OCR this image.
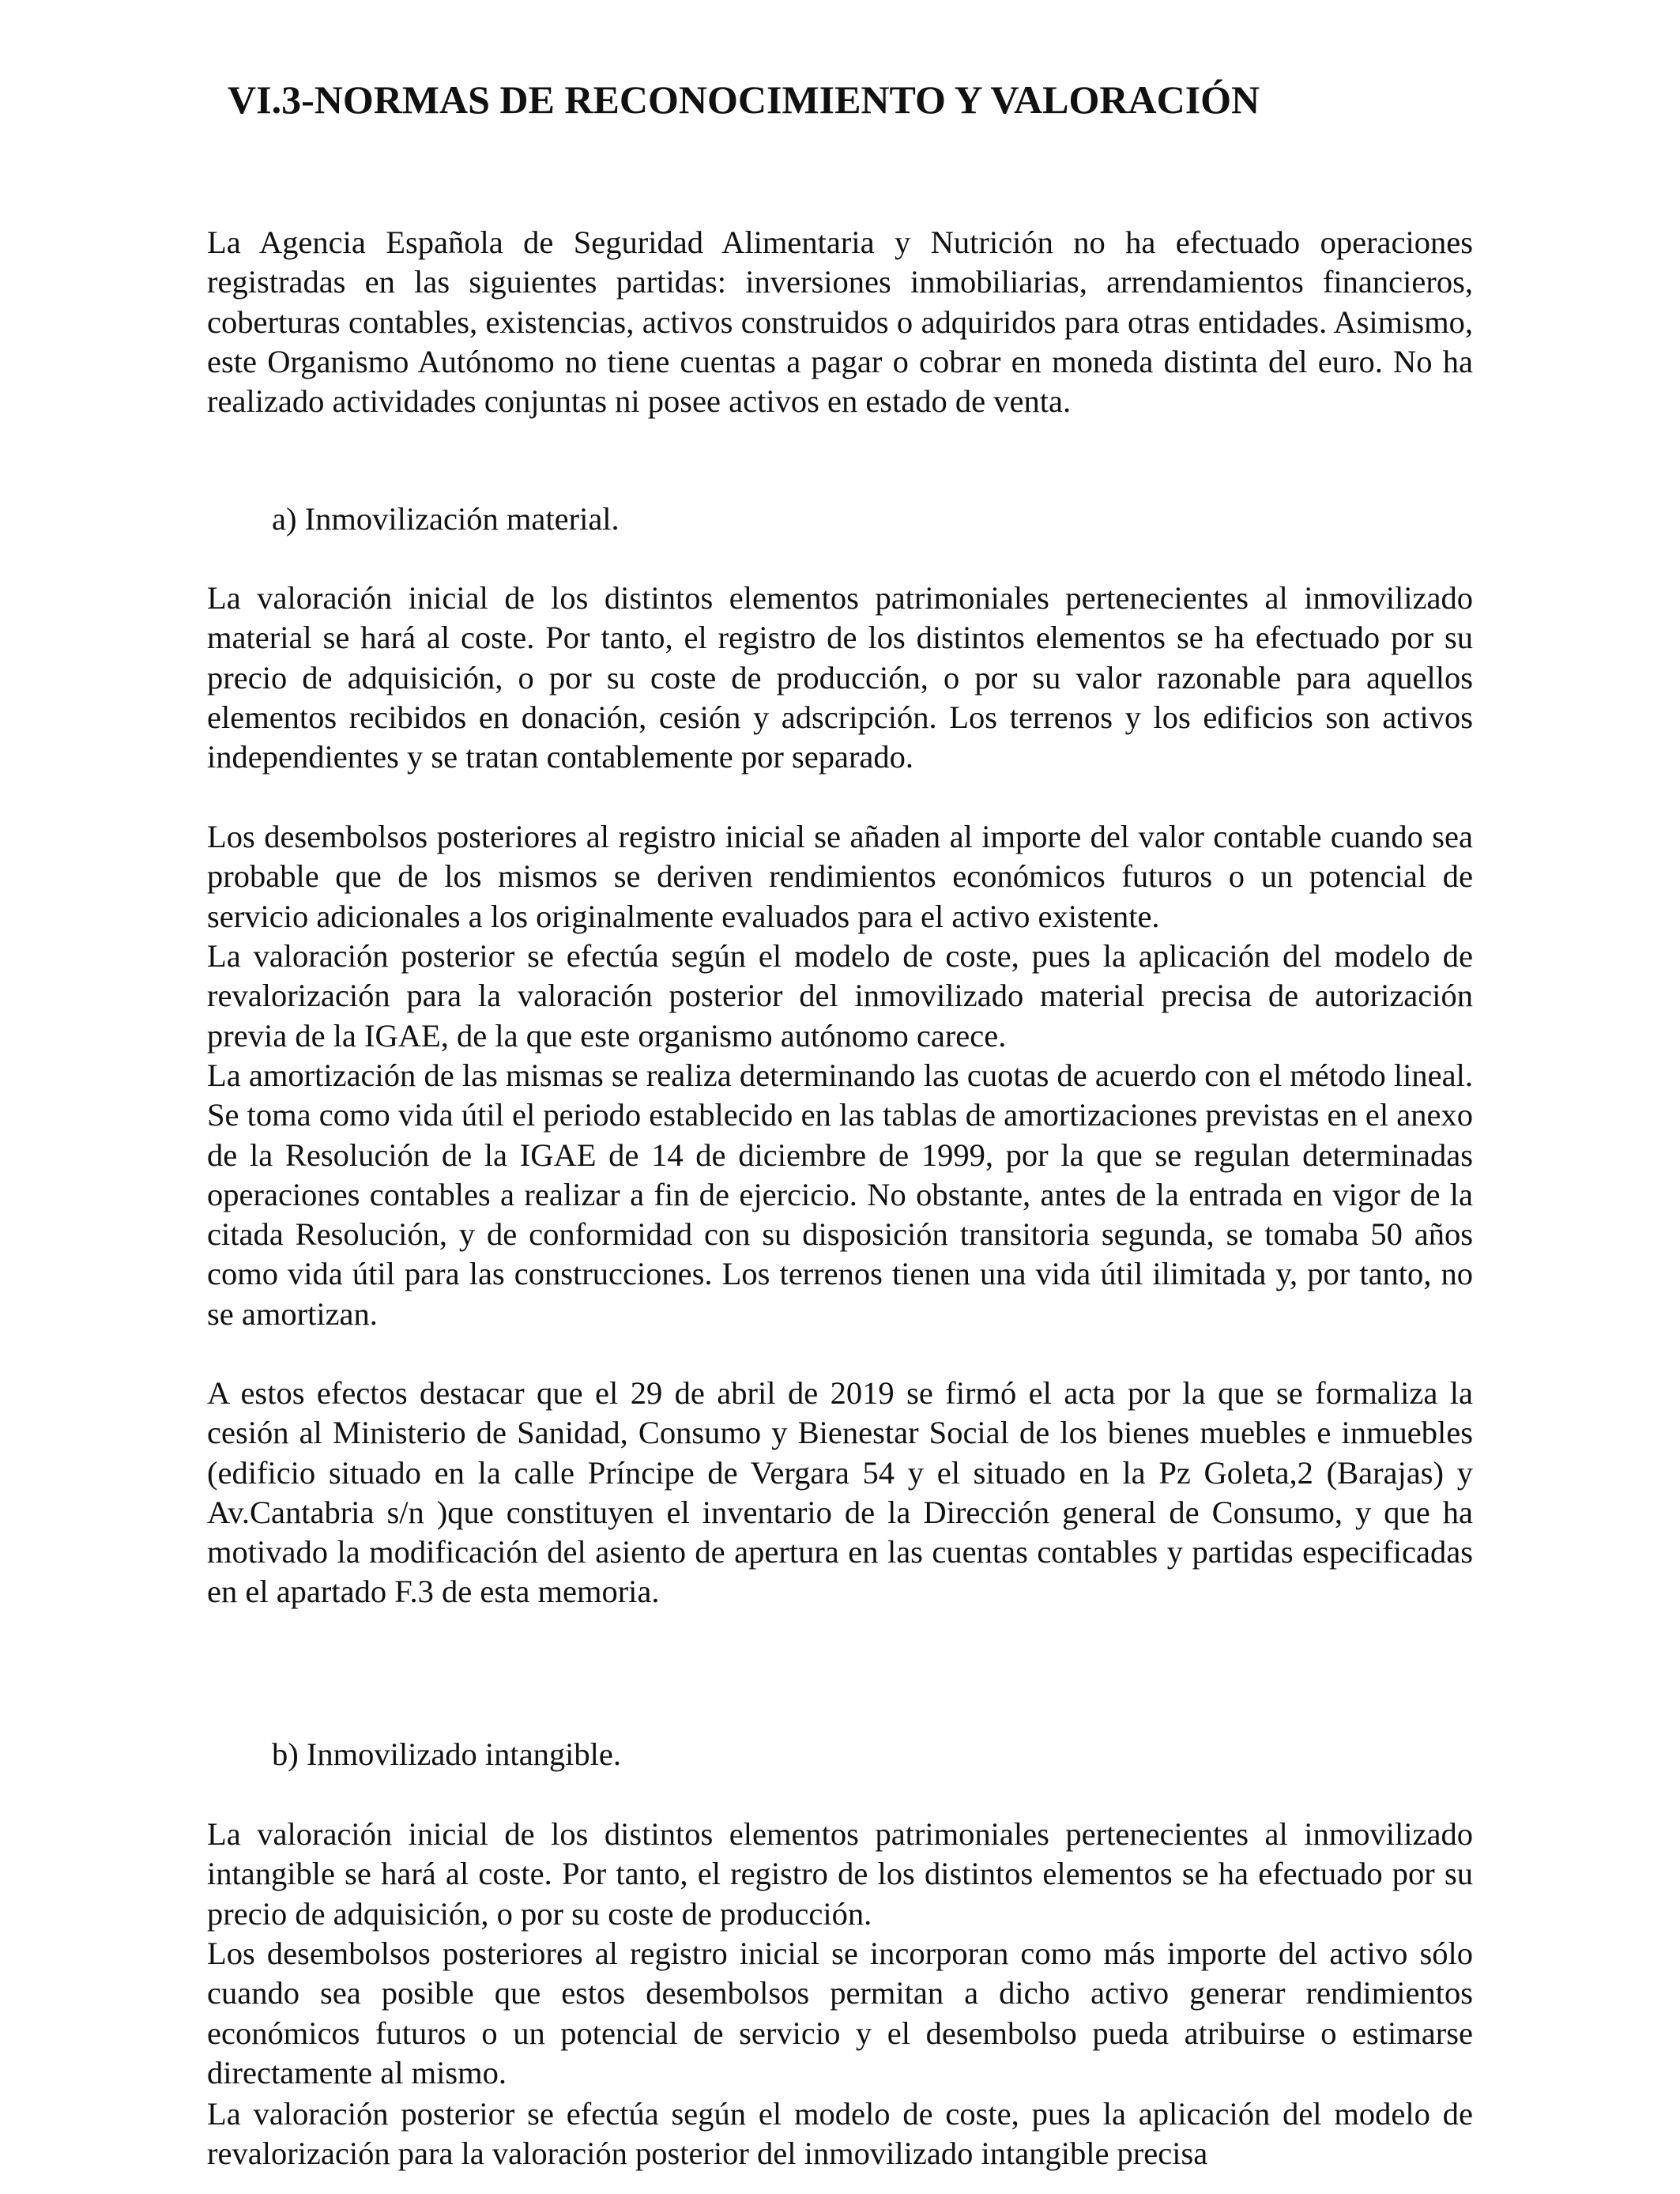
VI.3-NORMAS DE RECONOCIMIENTO Y VALORACIÓN

La Agencia Española de Seguridad Alimentaria y Nutrición no ha efectuado operaciones registradas en las siguientes partidas: inversiones inmobiliarias, arrendamientos financieros, coberturas contables, existencias, activos construidos o adquiridos para otras entidades. Asimismo, este Organismo Autónomo no tiene cuentas a pagar o cobrar en moneda distinta del euro. No ha realizado actividades conjuntas ni posee activos en estado de venta.

a) Inmovilización material.

La valoración inicial de los distintos elementos patrimoniales pertenecientes al inmovilizado material se hará al coste. Por tanto, el registro de los distintos elementos se ha efectuado por su precio de adquisición, o por su coste de producción, o por su valor razonable para aquellos elementos recibidos en donación, cesión y adscripción. Los terrenos y los edificios son activos independientes y se tratan contablemente por separado.

Los desembolsos posteriores al registro inicial se añaden al importe del valor contable cuando sea probable que de los mismos se deriven rendimientos económicos futuros o un potencial de servicio adicionales a los originalmente evaluados para el activo existente.

La valoración posterior se efectúa según el modelo de coste, pues la aplicación del modelo de revalorización para la valoración posterior del inmovilizado material precisa de autorización previa de la IGAE, de la que este organismo autónomo carece.

La amortización de las mismas se realiza determinando las cuotas de acuerdo con el método lineal. Se toma como vida útil el periodo establecido en las tablas de amortizaciones previstas en el anexo de la Resolución de la IGAE de 14 de diciembre de 1999, por la que se regulan determinadas operaciones contables a realizar a fin de ejercicio. No obstante, antes de la entrada en vigor de la citada Resolución, y de conformidad con su disposición transitoria segunda, se tomaba 50 años como vida útil para las construcciones. Los terrenos tienen una vida útil ilimitada y, por tanto, no se amortizan.

A estos efectos destacar que el 29 de abril de 2019 se firmó el acta por la que se formaliza la cesión al Ministerio de Sanidad, Consumo y Bienestar Social de los bienes muebles e inmuebles (edificio situado en la calle Príncipe de Vergara 54 y el situado en la Pz Goleta,2 (Barajas) y Av.Cantabria s/n )que constituyen el inventario de la Dirección general de Consumo, y que ha motivado la modificación del asiento de apertura en las cuentas contables y partidas especificadas en el apartado F.3 de esta memoria.

b) Inmovilizado intangible.

La valoración inicial de los distintos elementos patrimoniales pertenecientes al inmovilizado intangible se hará al coste. Por tanto, el registro de los distintos elementos se ha efectuado por su precio de adquisición, o por su coste de producción.

Los desembolsos posteriores al registro inicial se incorporan como más importe del activo sólo cuando sea posible que estos desembolsos permitan a dicho activo generar rendimientos económicos futuros o un potencial de servicio y el desembolso pueda atribuirse o estimarse directamente al mismo.

La valoración posterior se efectúa según el modelo de coste, pues la aplicación del modelo de revalorización para la valoración posterior del inmovilizado intangible precisa
